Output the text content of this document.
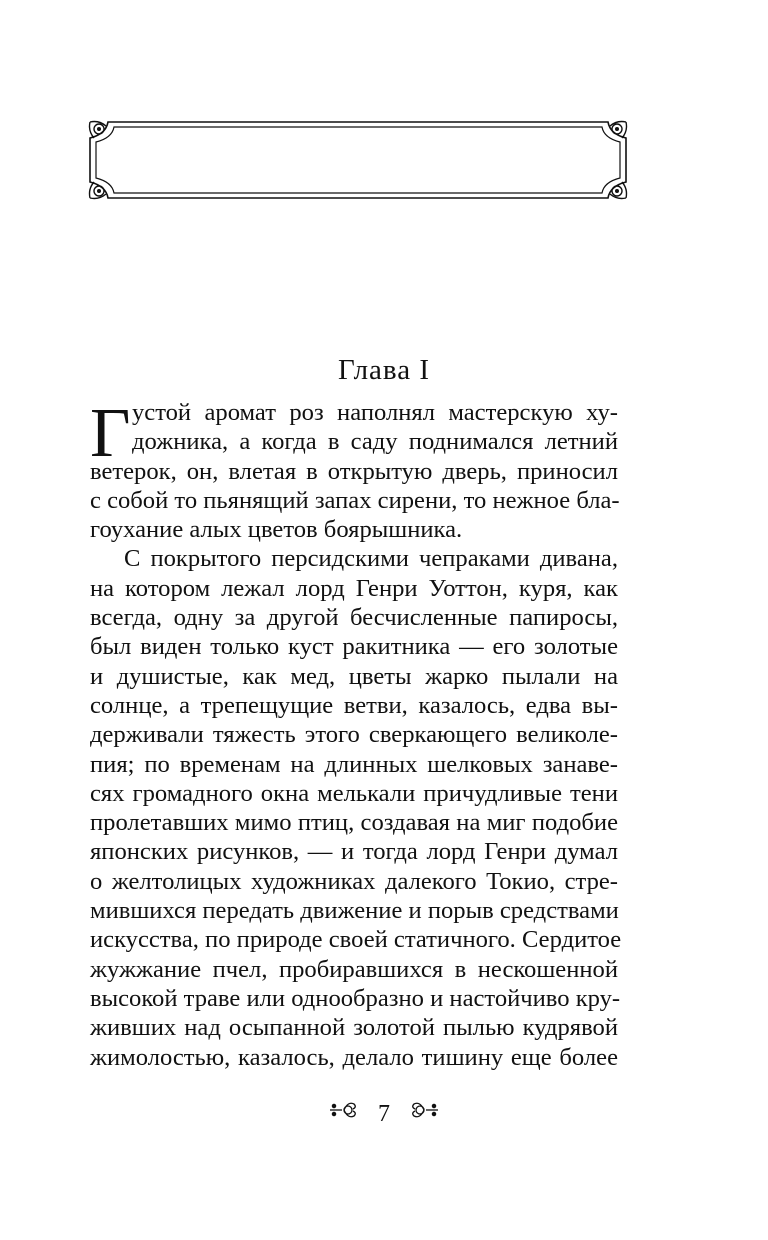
Глава I
Г устой аромат роз наполнял мастерскую ху-
дожника, а когда в саду поднимался летний
ветерок, он, влетая в открытую дверь, приносил
с собой то пьянящий запах сирени, то нежное бла-
гоухание алых цветов боярышника.
С покрытого персидскими чепраками дивана,
на котором лежал лорд Генри Уоттон, куря, как
всегда, одну за другой бесчисленные папиросы,
был виден только куст ракитника — его золотые
и душистые, как мед, цветы жарко пылали на
солнце, а трепещущие ветви, казалось, едва вы-
держивали тяжесть этого сверкающего великоле-
пия; по временам на длинных шелковых занаве-
сях громадного окна мелькали причудливые тени
пролетавших мимо птиц, создавая на миг подобие
японских рисунков, — и тогда лорд Генри думал
о желтолицых художниках далекого Токио, стре-
мившихся передать движение и порыв средствами
искусства, по природе своей статичного. Сердитое
жужжание пчел, пробиравшихся в нескошенной
высокой траве или однообразно и настойчиво кру-
живших над осыпанной золотой пылью кудрявой
жимолостью, казалось, делало тишину еще более
7
